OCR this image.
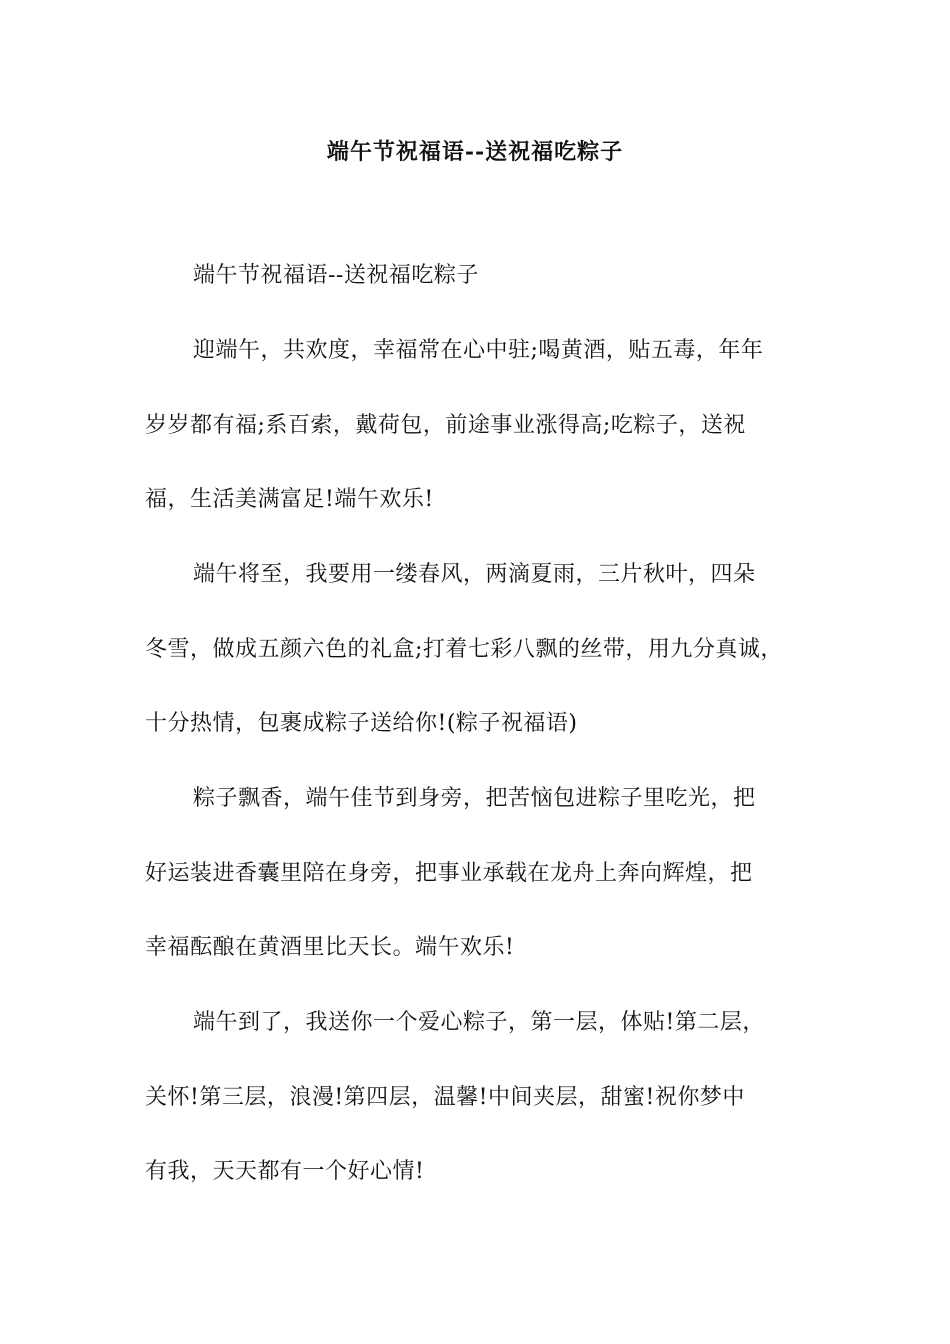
端午节祝福语--送祝福吃粽子
端午节祝福语--送祝福吃粽子
迎端午，共欢度，幸福常在心中驻;喝黄酒，贴五毒，年年
岁岁都有福;系百索，戴荷包，前途事业涨得高;吃粽子，送祝
福，生活美满富足!端午欢乐!
端午将至，我要用一缕春风，两滴夏雨，三片秋叶，四朵
冬雪，做成五颜六色的礼盒;打着七彩八飘的丝带，用九分真诚，
十分热情，包裹成粽子送给你!(粽子祝福语)
粽子飘香，端午佳节到身旁，把苦恼包进粽子里吃光，把
好运装进香囊里陪在身旁，把事业承载在龙舟上奔向辉煌，把
幸福酝酿在黄酒里比天长。端午欢乐!
端午到了，我送你一个爱心粽子，第一层，体贴!第二层，
关怀!第三层，浪漫!第四层，温馨!中间夹层，甜蜜!祝你梦中
有我，天天都有一个好心情!
